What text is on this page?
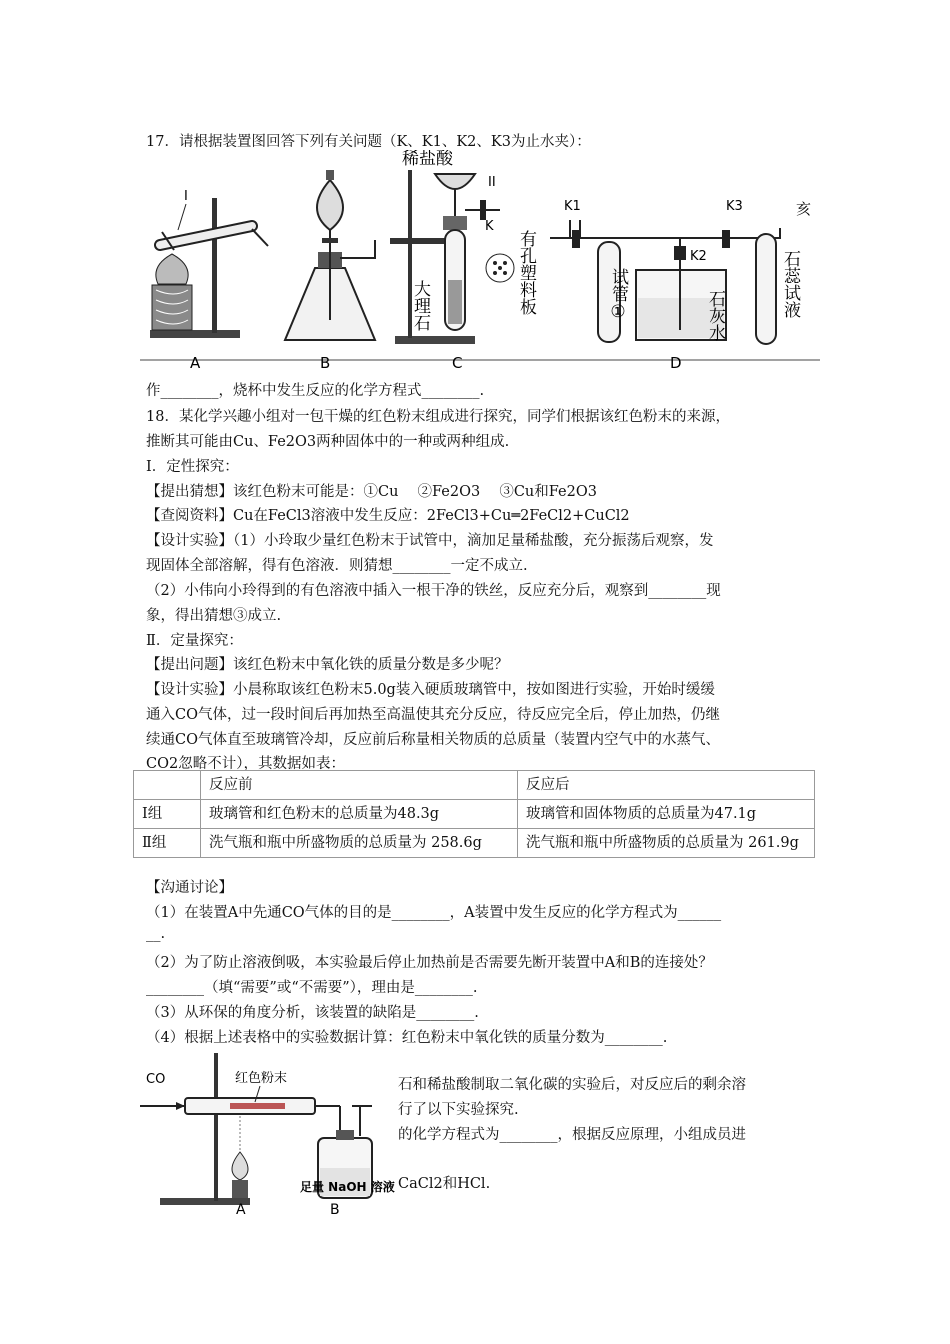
17．请根据装置图回答下列有关问题（K、K1、K2、K3为止水夹）：
I
稀盐酸
II
K
大理石	有孔塑料板
K1
K2
K3
试管①	石灰水	石蕊试液
亥
A	B	C	D
作________，烧杯中发生反应的化学方程式________.
18．某化学兴趣小组对一包干燥的红色粉末组成进行探究，同学们根据该红色粉末的来源，
推断其可能由Cu、Fe2O3两种固体中的一种或两种组成.
Ⅰ．定性探究：
【提出猜想】该红色粉末可能是：①Cu　 ②Fe2O3　 ③Cu和Fe2O3
【查阅资料】Cu在FeCl3溶液中发生反应：2FeCl3+Cu═2FeCl2+CuCl2
【设计实验】（1）小玲取少量红色粉末于试管中，滴加足量稀盐酸，充分振荡后观察，发
现固体全部溶解，得有色溶液．则猜想________一定不成立.
（2）小伟向小玲得到的有色溶液中插入一根干净的铁丝，反应充分后，观察到________现
象，得出猜想③成立.
Ⅱ．定量探究：
【提出问题】该红色粉末中氧化铁的质量分数是多少呢？
【设计实验】小晨称取该红色粉末5.0g装入硬质玻璃管中，按如图进行实验，开始时缓缓
通入CO气体，过一段时间后再加热至高温使其充分反应，待反应完全后，停止加热，仍继
续通CO气体直至玻璃管冷却，反应前后称量相关物质的总质量（装置内空气中的水蒸气、
CO2忽略不计），其数据如表：
	反应前	反应后
Ⅰ组	玻璃管和红色粉末的总质量为48.3g	玻璃管和固体物质的总质量为47.1g
Ⅱ组	洗气瓶和瓶中所盛物质的总质量为 258.6g	洗气瓶和瓶中所盛物质的总质量为 261.9g
【沟通讨论】
（1）在装置A中先通CO气体的目的是________，A装置中发生反应的化学方程式为______
__.
（2）为了防止溶液倒吸，本实验最后停止加热前是否需要先断开装置中A和B的连接处？
________（填“需要”或“不需要”），理由是________.
（3）从环保的角度分析，该装置的缺陷是________.
（4）根据上述表格中的实验数据计算：红色粉末中氧化铁的质量分数为________.
CO	红色粉末
足量 NaOH 溶液
A	B
石和稀盐酸制取二氧化碳的实验后，对反应后的剩余溶
行了以下实验探究.
的化学方程式为________，根据反应原理，小组成员进
CaCl2和HCl.
